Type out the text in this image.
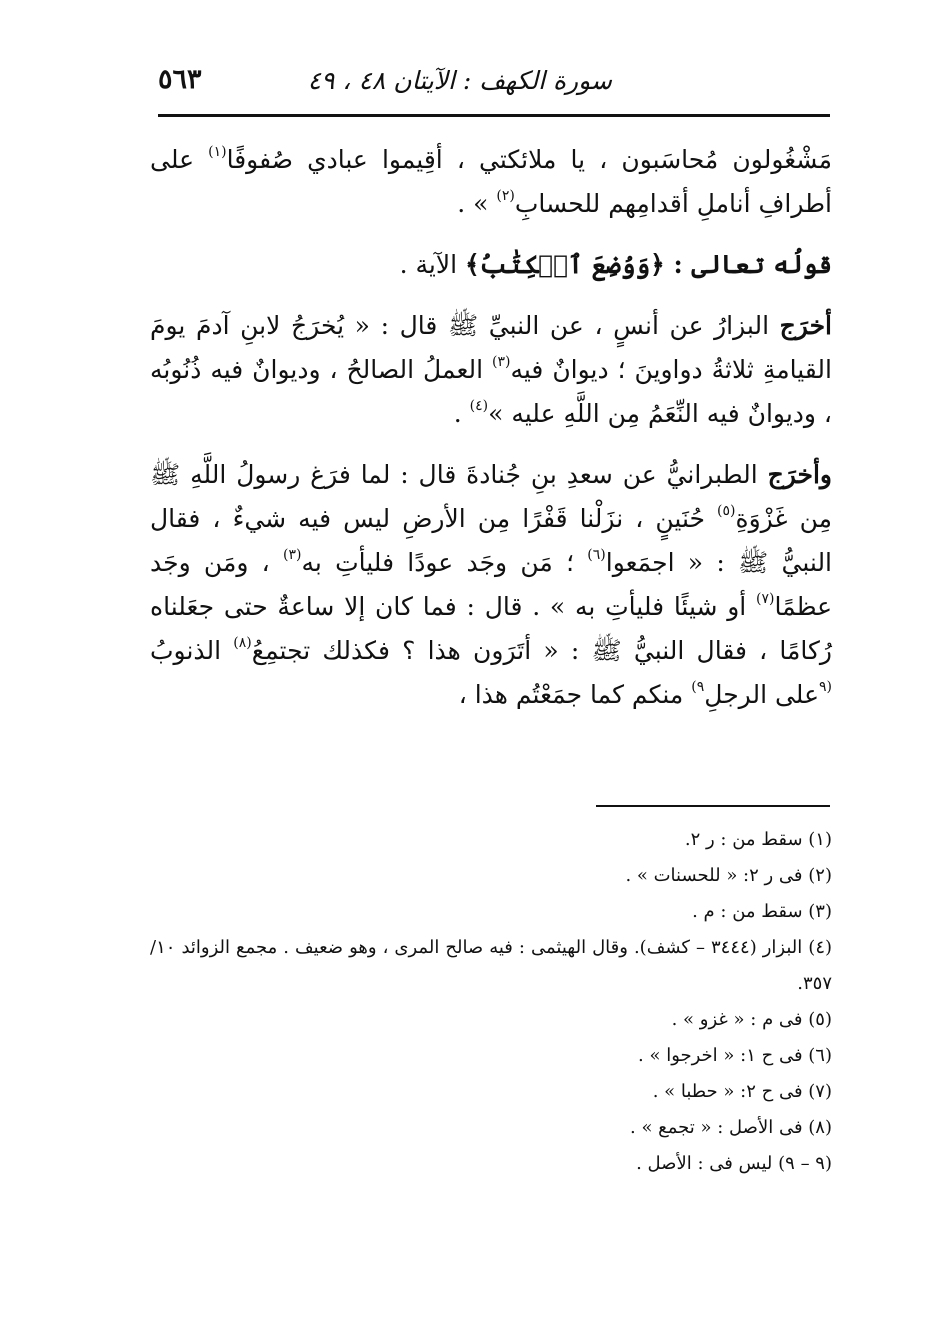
سورة الكهف : الآيتان ٤٨ ، ٤٩
٥٦٣

مَشْغُولون مُحاسَبون ، يا ملائكتي ، أقِيموا عبادي صُفوفًا$^{(١)}$ على أطرافِ أناملِ أقدامِهم للحسابِ$^{(٢)}$ » .

قولُه تعالى : ﴿وَوُضِعَ ٱلۡكِتَٰبُ﴾ الآية .

أخرَج البزارُ عن أنسٍ ، عن النبيِّ ﷺ قال : « يُخرَجُ لابنِ آدمَ يومَ القيامةِ ثلاثةُ دواوينَ ؛ ديوانٌ فيه$^{(٣)}$ العملُ الصالحُ ، وديوانٌ فيه ذُنُوبُه ، وديوانٌ فيه النِّعَمُ مِن اللَّهِ عليه »$^{(٤)}$ .

وأخرَج الطبرانيُّ عن سعدِ بنِ جُنادةَ قال : لما فرَغ رسولُ اللَّهِ ﷺ مِن غَزْوَةِ$^{(٥)}$ حُنَينٍ ، نزَلْنا قَفْرًا مِن الأرضِ ليس فيه شيءٌ ، فقال النبيُّ ﷺ : « اجمَعوا$^{(٦)}$ ؛ مَن وجَد عودًا فليأتِ به$^{(٣)}$ ، ومَن وجَد عظمًا$^{(٧)}$ أو شيئًا فليأتِ به » . قال : فما كان إلا ساعةٌ حتى جعَلناه رُكامًا ، فقال النبيُّ ﷺ : « أتَرَون هذا ؟ فكذلك تجتمِعُ$^{(٨)}$ الذنوبُ $^{(٩}$على الرجلِ$^{٩)}$ منكم كما جمَعْتُم هذا ،

(١) سقط من : ر ٢.

(٢) فى ر ٢: « للحسنات » .

(٣) سقط من : م .

(٤) البزار (٣٤٤٤ – كشف). وقال الهيثمى : فيه صالح المرى ، وهو ضعيف . مجمع الزوائد ١٠/ ٣٥٧.

(٥) فى م : « غزو » .

(٦) فى ح ١: « اخرجوا » .

(٧) فى ح ٢: « حطبا » .

(٨) فى الأصل : « تجمع » .

(٩ – ٩) ليس فى : الأصل .
